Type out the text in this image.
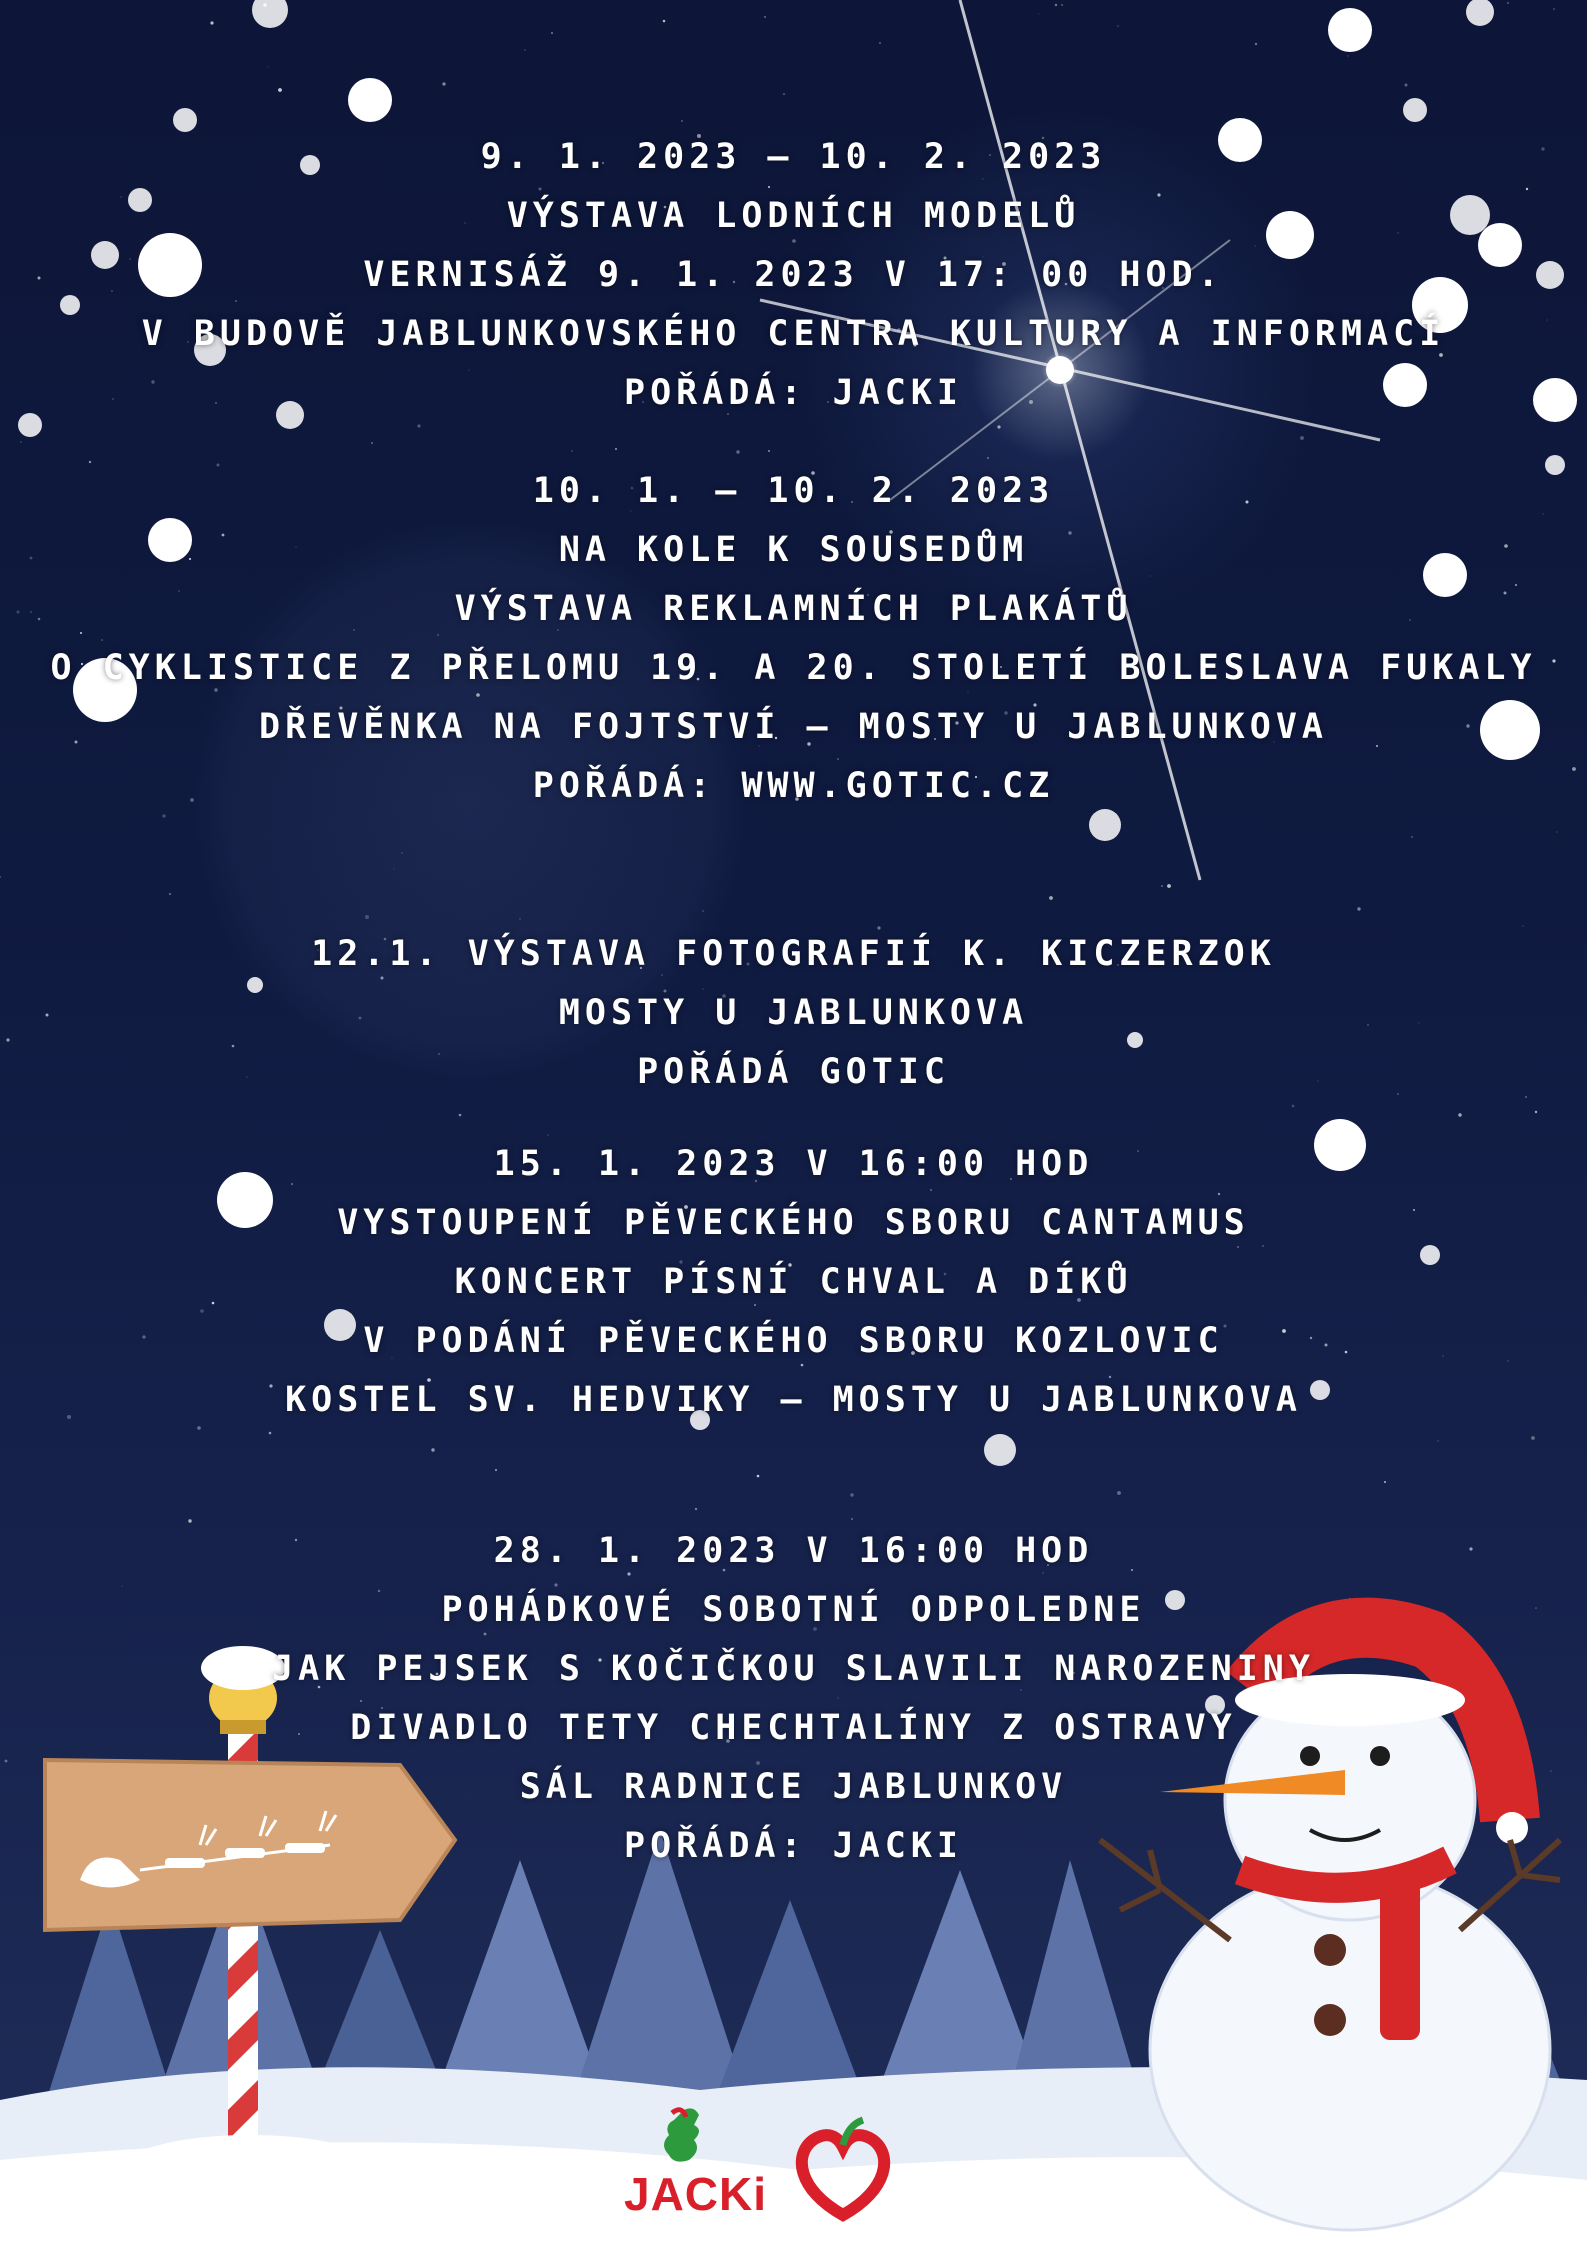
9. 1. 2023 – 10. 2. 2023
VÝSTAVA LODNÍCH MODELŮ
VERNISÁŽ 9. 1. 2023 V 17: 00 HOD.
V BUDOVĚ JABLUNKOVSKÉHO CENTRA KULTURY A INFORMACÍ
POŘÁDÁ: JACKI
10. 1. – 10. 2. 2023
NA KOLE K SOUSEDŮM
VÝSTAVA REKLAMNÍCH PLAKÁTŮ
O CYKLISTICE Z PŘELOMU 19. A 20. STOLETÍ BOLESLAVA FUKALY
DŘEVĚNKA NA FOJTSTVÍ – MOSTY U JABLUNKOVA
POŘÁDÁ: WWW.GOTIC.CZ
12.1. VÝSTAVA FOTOGRAFIÍ K. KICZERZOK
MOSTY U JABLUNKOVA
POŘÁDÁ GOTIC
15. 1. 2023 V 16:00 HOD
VYSTOUPENÍ PĚVECKÉHO SBORU CANTAMUS
KONCERT PÍSNÍ CHVAL A DÍKŮ
V PODÁNÍ PĚVECKÉHO SBORU KOZLOVIC
KOSTEL SV. HEDVIKY – MOSTY U JABLUNKOVA
28. 1. 2023 V 16:00 HOD
POHÁDKOVÉ SOBOTNÍ ODPOLEDNE
JAK PEJSEK S KOČIČKOU SLAVILI NAROZENINY
DIVADLO TETY CHECHTALÍNY Z OSTRAVY
SÁL RADNICE JABLUNKOV
POŘÁDÁ: JACKI
JACKi
